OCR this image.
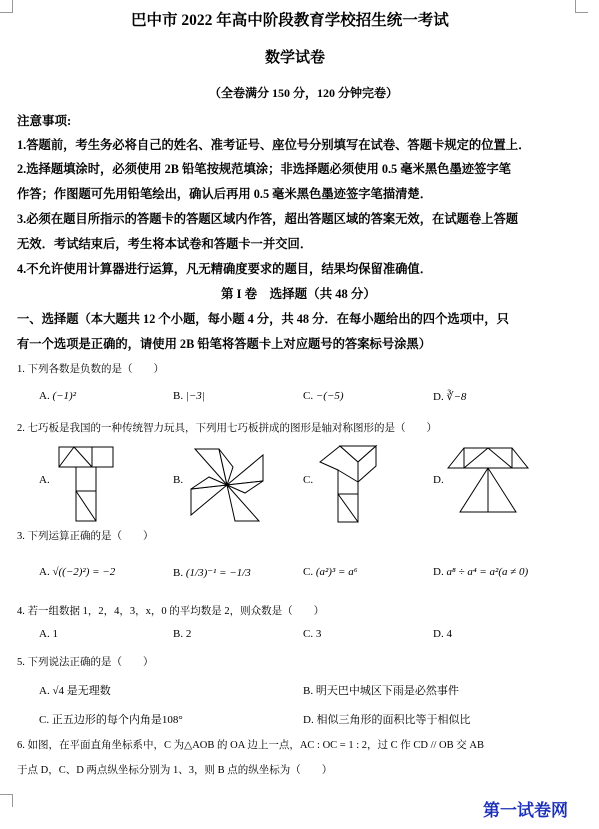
巴中市 2022 年高中阶段教育学校招生统一考试
数学试卷
（全卷满分 150 分，120 分钟完卷）
注意事项:
1.答题前，考生务必将自己的姓名、准考证号、座位号分别填写在试卷、答题卡规定的位置上．
2.选择题填涂时，必须使用 2B 铅笔按规范填涂；非选择题必须使用 0.5 毫米黑色墨迹签字笔
作答；作图题可先用铅笔绘出，确认后再用 0.5 毫米黑色墨迹签字笔描清楚．
3.必须在题目所指示的答题卡的答题区域内作答，超出答题区域的答案无效，在试题卷上答题
无效．考试结束后，考生将本试卷和答题卡一并交回．
4.不允许使用计算器进行运算，凡无精确度要求的题目，结果均保留准确值．
第 I 卷　选择题（共 48 分）
一、选择题（本大题共 12 个小题，每小题 4 分，共 48 分．在每小题给出的四个选项中，只
有一个选项是正确的，请使用 2B 铅笔将答题卡上对应题号的答案标号涂黑）
1. 下列各数是负数的是（　　）
A. (−1)²	B. |−3|	C. −(−5)	D. ∛−8
2. 七巧板是我国的一种传统智力玩具，下列用七巧板拼成的图形是轴对称图形的是（　　）
A.	B.	C.	D.
3. 下列运算正确的是（　　）
A. √((−2)²) = −2	B. (1/3)⁻¹ = −1/3	C. (a²)³ = a⁶	D. a⁸ ÷ a⁴ = a²(a ≠ 0)
4. 若一组数据 1，2，4，3，x，0 的平均数是 2，则众数是（　　）
A. 1	B. 2	C. 3	D. 4
5. 下列说法正确的是（　　）
A. √4 是无理数	B. 明天巴中城区下雨是必然事件
C. 正五边形的每个内角是108°	D. 相似三角形的面积比等于相似比
6. 如图，在平面直角坐标系中，C 为△AOB 的 OA 边上一点，AC : OC = 1 : 2，过 C 作 CD // OB 交 AB
于点 D，C、D 两点纵坐标分别为 1、3，则 B 点的纵坐标为（　　）
第一试卷网
